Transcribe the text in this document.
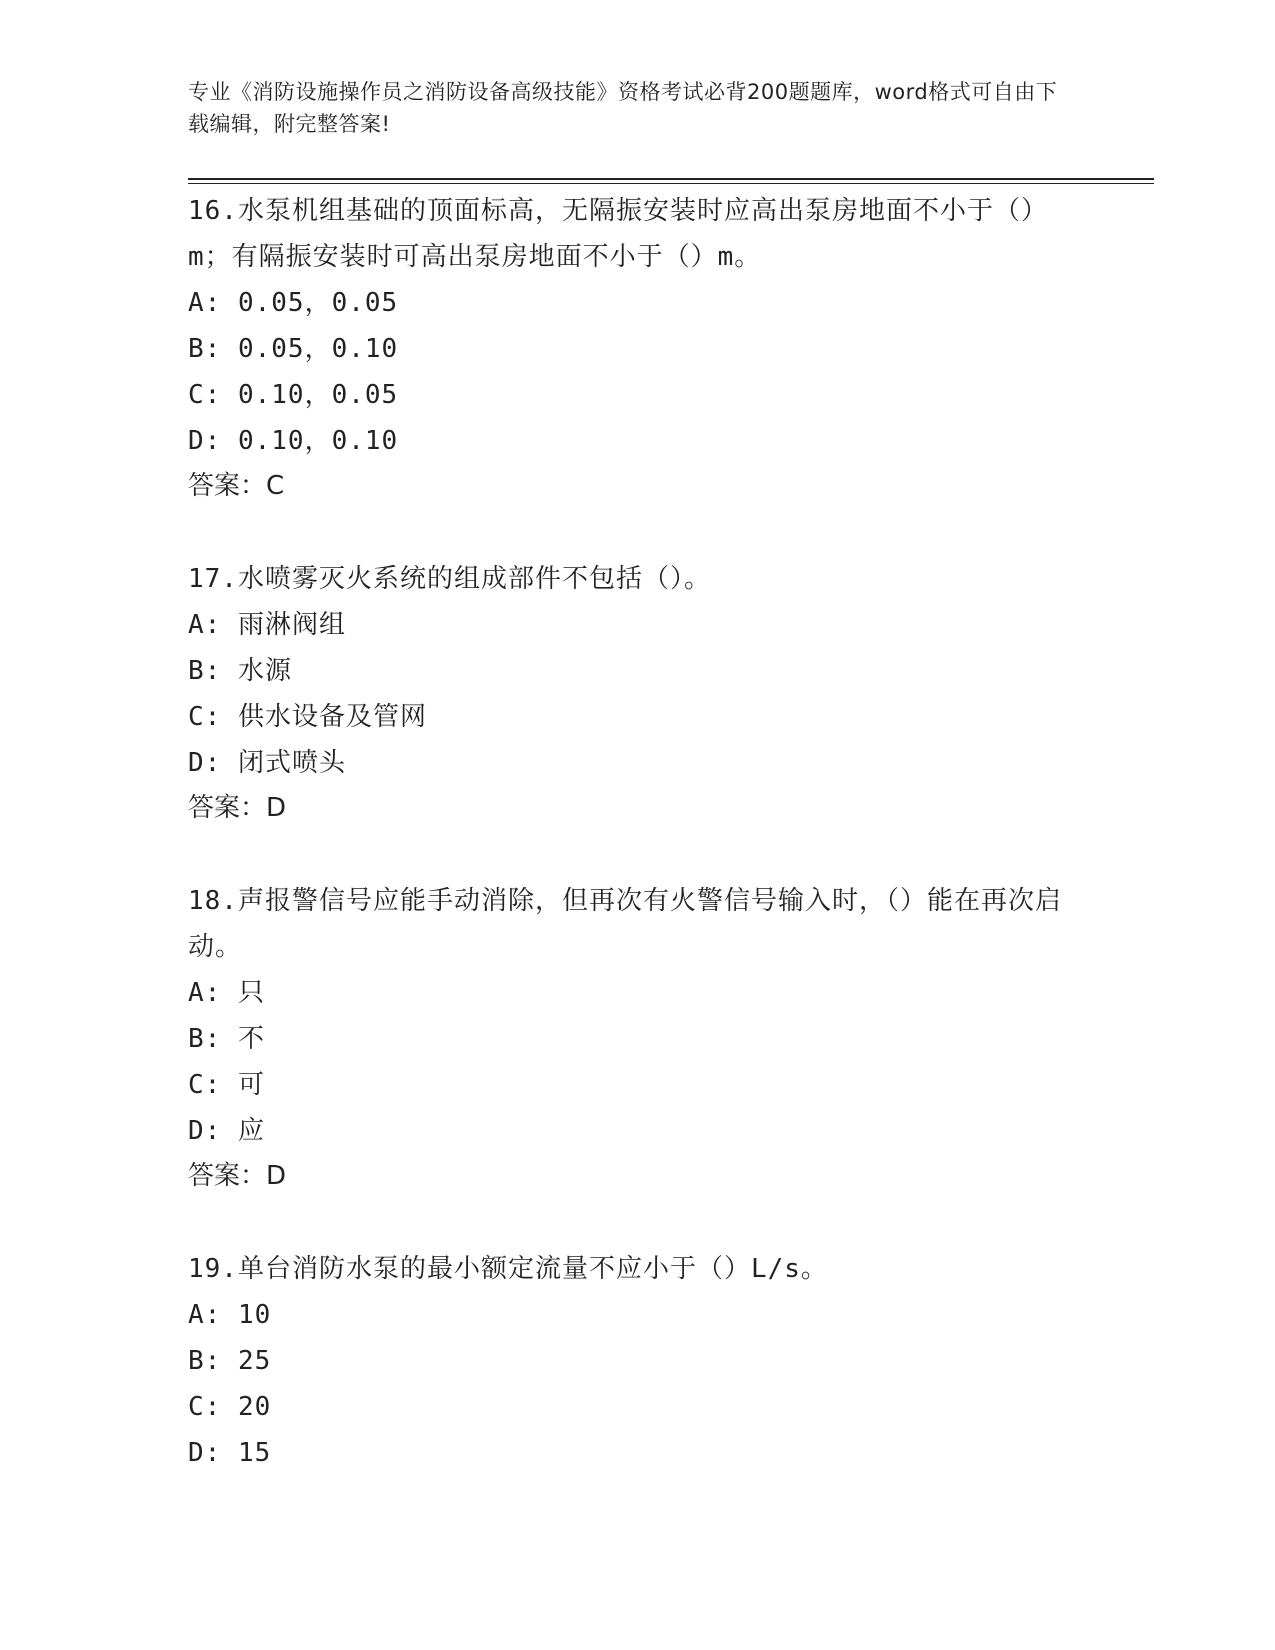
专业《消防设施操作员之消防设备高级技能》资格考试必背200题题库，word格式可自由下载编辑，附完整答案!
16.水泵机组基础的顶面标高，无隔振安装时应高出泵房地面不小于（）m；有隔振安装时可高出泵房地面不小于（）m。
A: 0.05，0.05
B: 0.05，0.10
C: 0.10，0.05
D: 0.10，0.10
答案：C
17.水喷雾灭火系统的组成部件不包括（）。
A: 雨淋阀组
B: 水源
C: 供水设备及管网
D: 闭式喷头
答案：D
18.声报警信号应能手动消除，但再次有火警信号输入时，（）能在再次启动。
A: 只
B: 不
C: 可
D: 应
答案：D
19.单台消防水泵的最小额定流量不应小于（）L/s。
A: 10
B: 25
C: 20
D: 15
